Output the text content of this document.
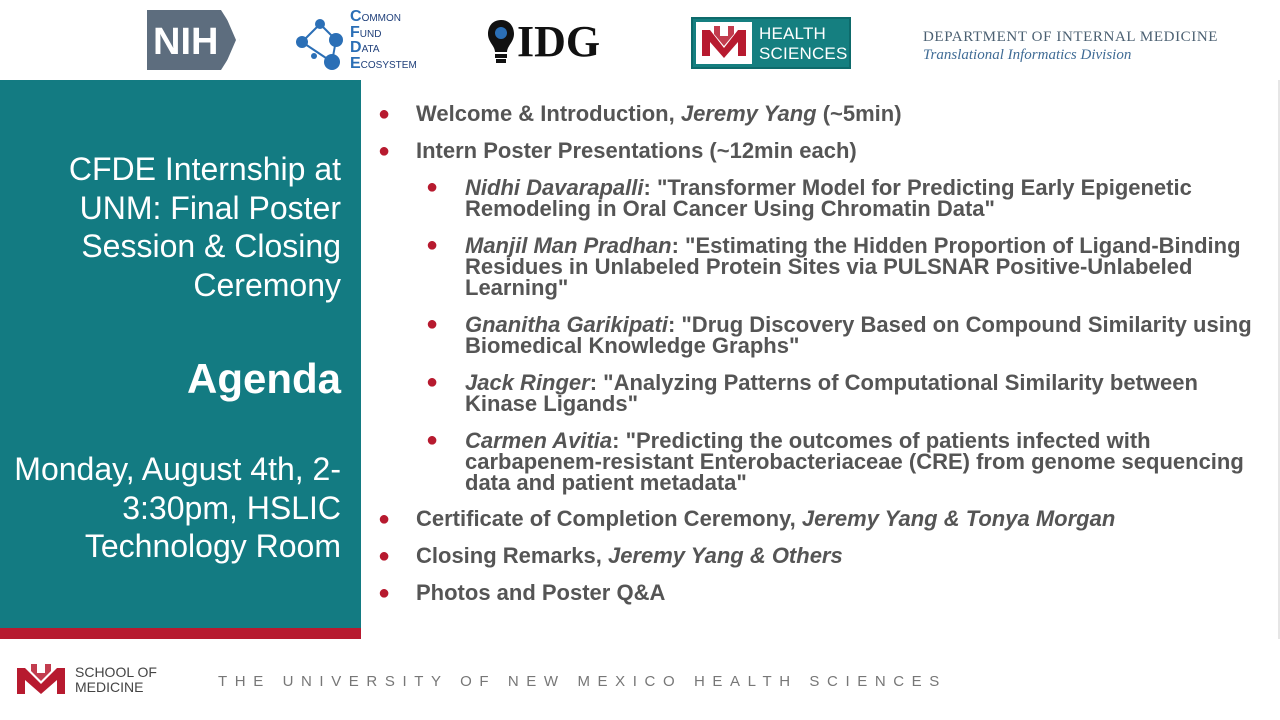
NIH
COMMON
FUND
DATA
ECOSYSTEM IDG	HEALTH
SCIENCES
DEPARTMENT OF INTERNAL MEDICINE
Translational Informatics Division
CFDE Internship at UNM: Final Poster Session & Closing Ceremony
Agenda
Monday, August 4th, 2-3:30pm, HSLIC Technology Room
● Welcome & Introduction, Jeremy Yang (~5min)
● Intern Poster Presentations (~12min each)
● Nidhi Davarapalli: "Transformer Model for Predicting Early Epigenetic Remodeling in Oral Cancer Using Chromatin Data"
● Manjil Man Pradhan: "Estimating the Hidden Proportion of Ligand-Binding Residues in Unlabeled Protein Sites via PULSNAR Positive-Unlabeled Learning"
● Gnanitha Garikipati: "Drug Discovery Based on Compound Similarity using Biomedical Knowledge Graphs"
● Jack Ringer: "Analyzing Patterns of Computational Similarity between Kinase Ligands"
● Carmen Avitia: "Predicting the outcomes of patients infected with carbapenem-resistant Enterobacteriaceae (CRE) from genome sequencing data and patient metadata"
● Certificate of Completion Ceremony, Jeremy Yang & Tonya Morgan
● Closing Remarks, Jeremy Yang & Others
● Photos and Poster Q&A
SCHOOL OF
MEDICINE	THE UNIVERSITY OF NEW MEXICO HEALTH SCIENCES
